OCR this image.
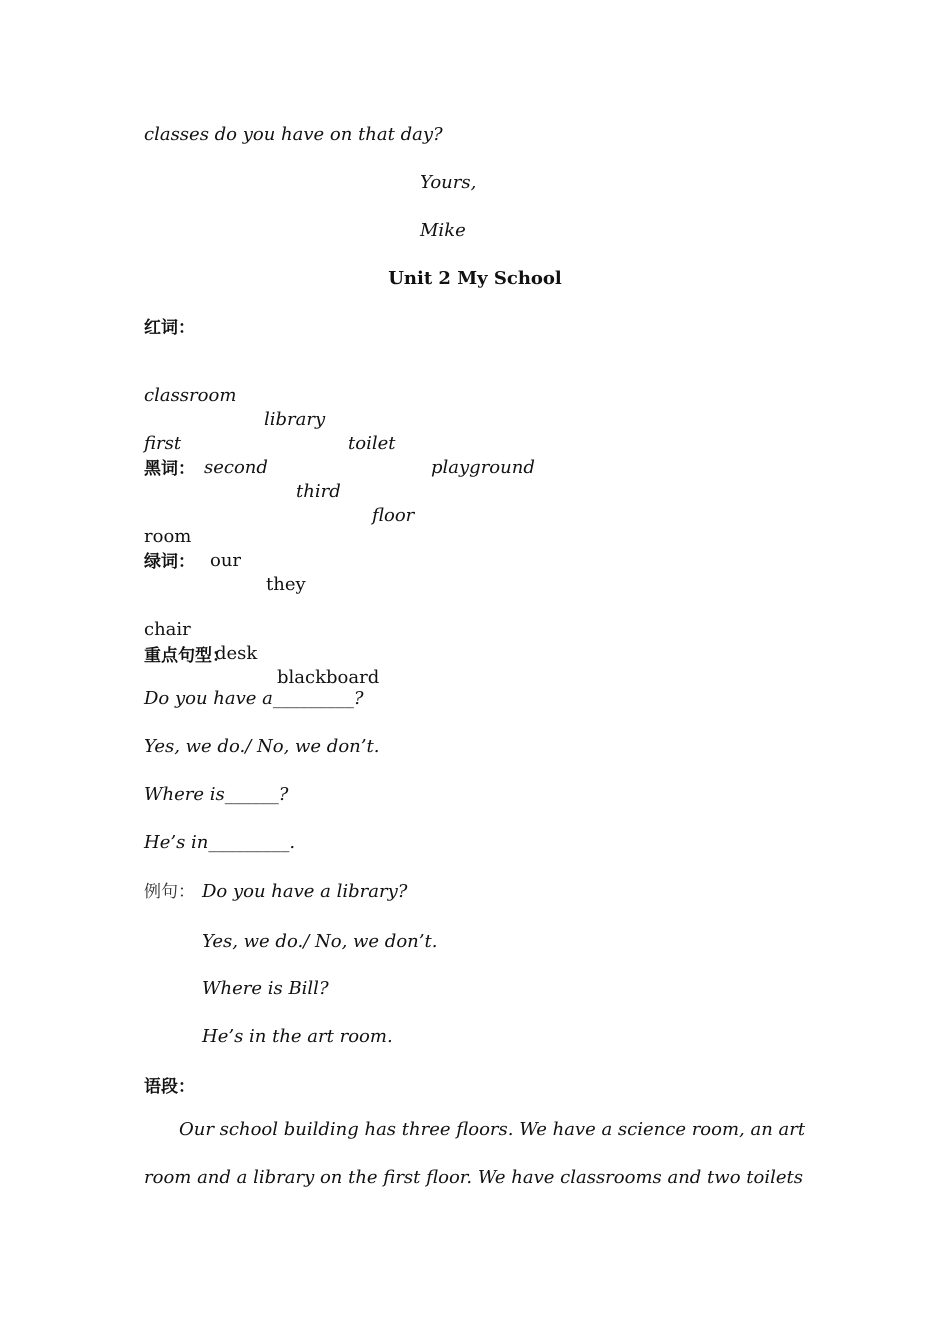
classes do you have on that day?
Yours,
Mike
Unit 2 My School
红词：

classroom

library

toilet

playground

first

second

third

floor

黑词：

room

our

they

绿词：

chair

desk

blackboard

重点句型：
Do you have a_________?
Yes, we do./ No, we don’t.
Where is______?
He’s in_________.
例句： Do you have a library?
Yes, we do./ No, we don’t.
Where is Bill?
He’s in the art room.
语段：
Our school building has three floors. We have a science room, an art
room and a library on the first floor. We have classrooms and two toilets
